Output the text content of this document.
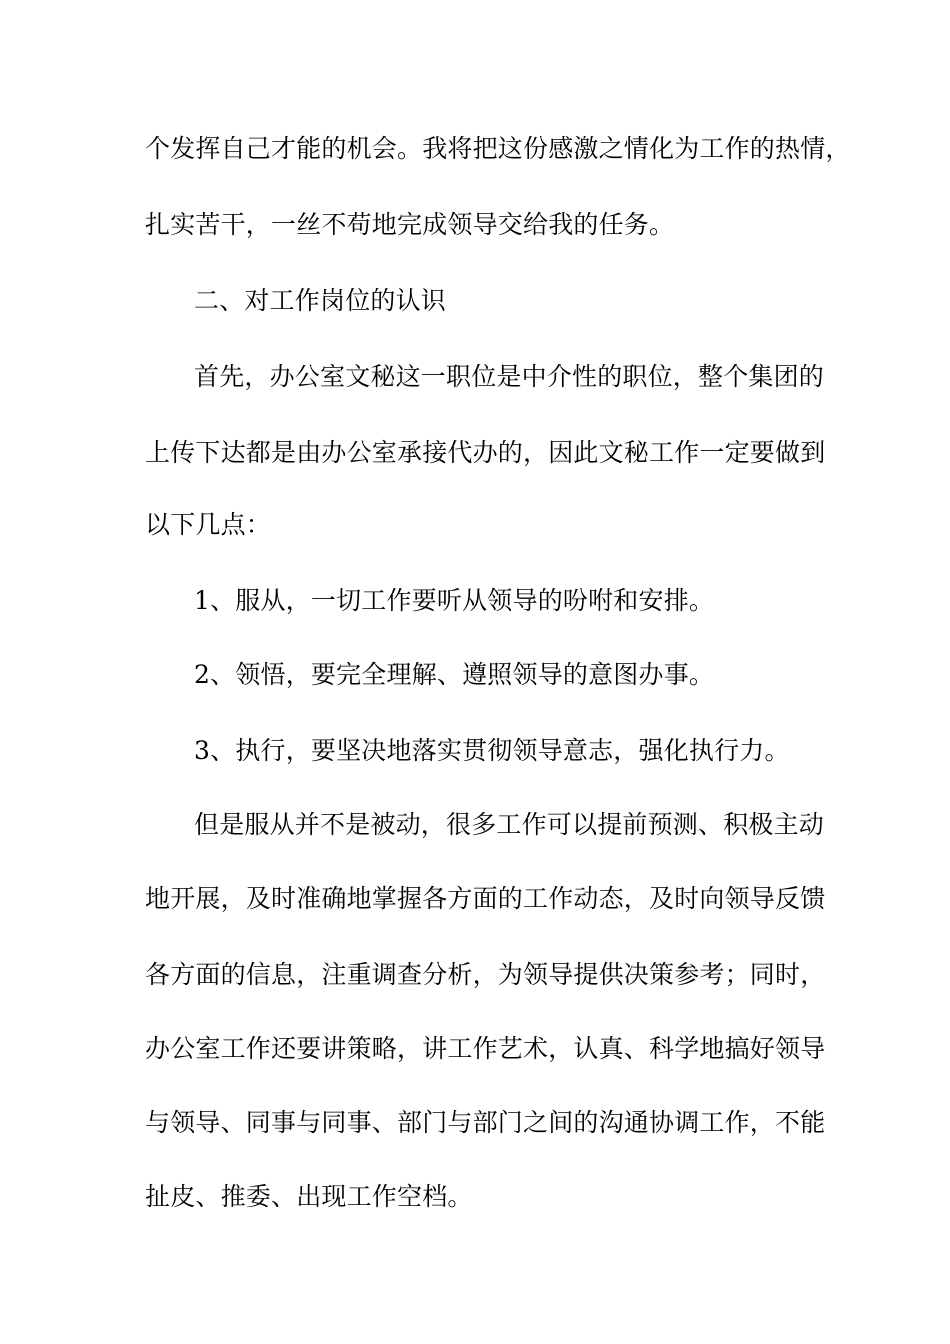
个发挥自己才能的机会。我将把这份感激之情化为工作的热情，
扎实苦干，一丝不苟地完成领导交给我的任务。
二、对工作岗位的认识
首先，办公室文秘这一职位是中介性的职位，整个集团的
上传下达都是由办公室承接代办的，因此文秘工作一定要做到
以下几点：
1、服从，一切工作要听从领导的吩咐和安排。
2、领悟，要完全理解、遵照领导的意图办事。
3、执行，要坚决地落实贯彻领导意志，强化执行力。
但是服从并不是被动，很多工作可以提前预测、积极主动
地开展，及时准确地掌握各方面的工作动态，及时向领导反馈
各方面的信息，注重调查分析，为领导提供决策参考；同时，
办公室工作还要讲策略，讲工作艺术，认真、科学地搞好领导
与领导、同事与同事、部门与部门之间的沟通协调工作，不能
扯皮、推委、出现工作空档。
